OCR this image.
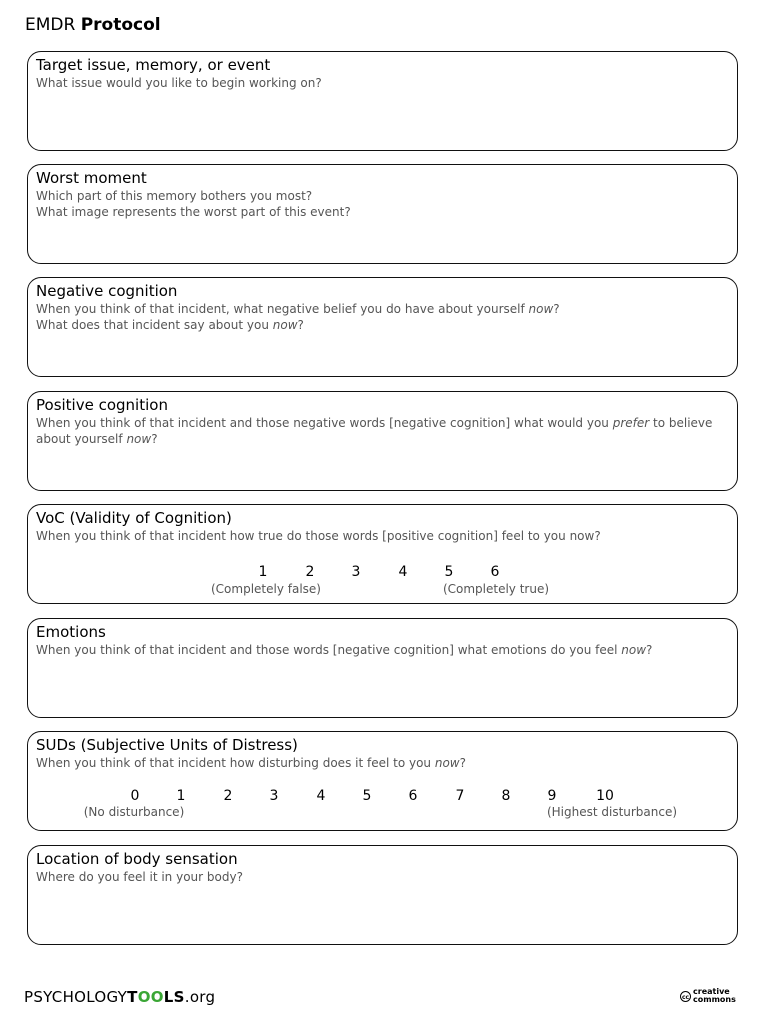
EMDR Protocol
Target issue, memory, or event
What issue would you like to begin working on?
Worst moment
Which part of this memory bothers you most?
What image represents the worst part of this event?
Negative cognition
When you think of that incident, what negative belief you do have about yourself now?
What does that incident say about you now?
Positive cognition
When you think of that incident and those negative words [negative cognition] what would you prefer to believe
about yourself now?
VoC (Validity of Cognition)
When you think of that incident how true do those words [positive cognition] feel to you now?
1	2	3	4	5	6
(Completely false)	(Completely true)
Emotions
When you think of that incident and those words [negative cognition] what emotions do you feel now?
SUDs (Subjective Units of Distress)
When you think of that incident how disturbing does it feel to you now?
0	1	2	3	4	5	6	7	8	9	10
(No disturbance)	(Highest disturbance)
Location of body sensation
Where do you feel it in your body?
PSYCHOLOGYTOOLS.org	cc
creative
commons
